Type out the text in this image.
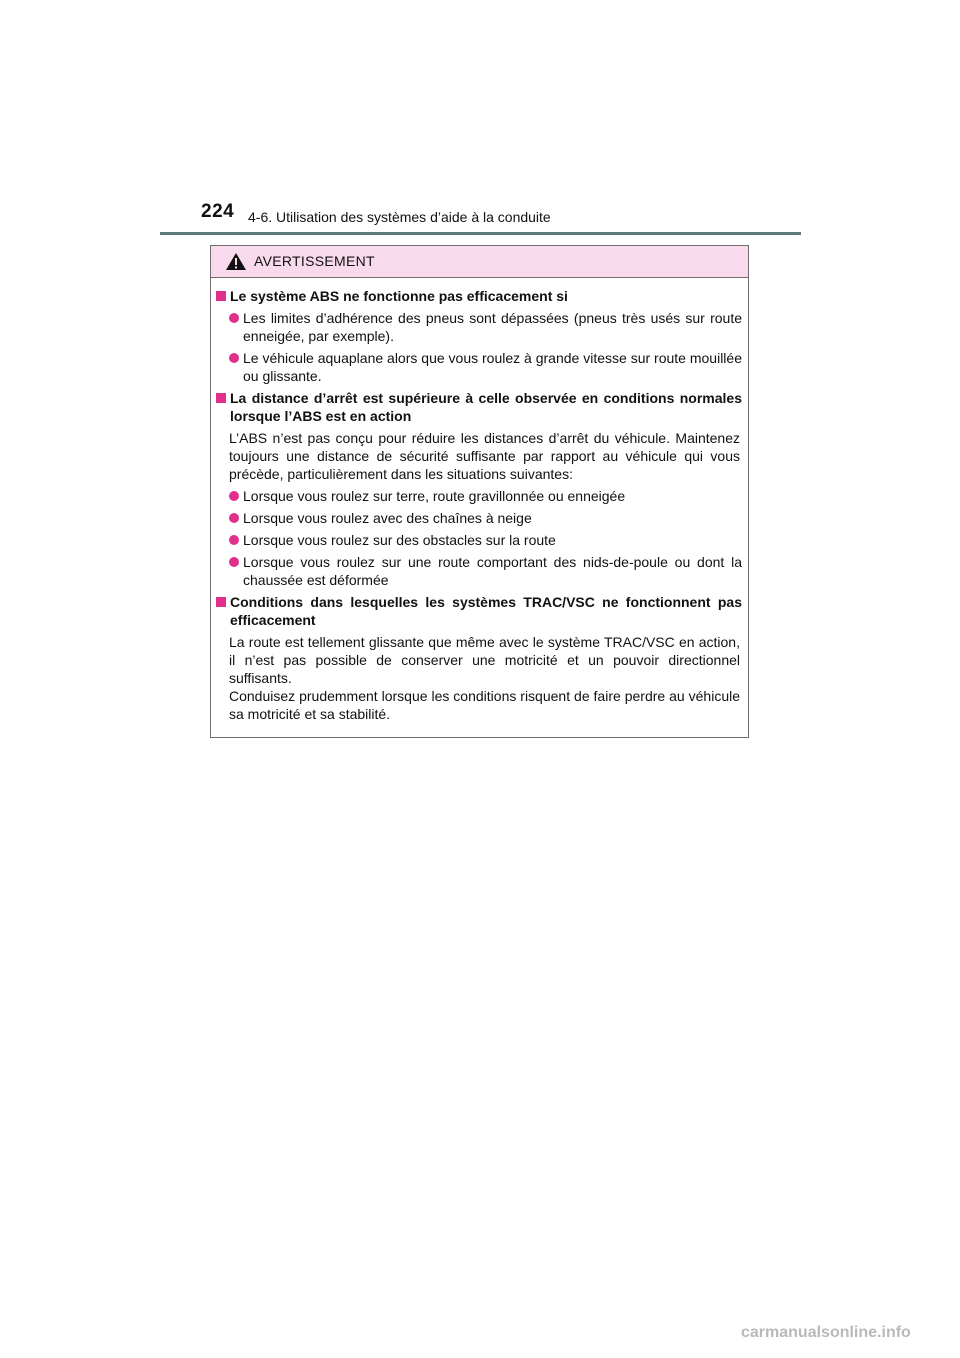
224 4-6. Utilisation des systèmes d’aide à la conduite
AVERTISSEMENT
Le système ABS ne fonctionne pas efficacement si
Les limites d’adhérence des pneus sont dépassées (pneus très usés sur route enneigée, par exemple).
Le véhicule aquaplane alors que vous roulez à grande vitesse sur route mouillée ou glissante.
La distance d’arrêt est supérieure à celle observée en conditions normales lorsque l’ABS est en action
L’ABS n’est pas conçu pour réduire les distances d’arrêt du véhicule. Maintenez toujours une distance de sécurité suffisante par rapport au véhicule qui vous précède, particulièrement dans les situations suivantes:
Lorsque vous roulez sur terre, route gravillonnée ou enneigée
Lorsque vous roulez avec des chaînes à neige
Lorsque vous roulez sur des obstacles sur la route
Lorsque vous roulez sur une route comportant des nids-de-poule ou dont la chaussée est déformée
Conditions dans lesquelles les systèmes TRAC/VSC ne fonctionnent pas efficacement
La route est tellement glissante que même avec le système TRAC/VSC en action, il n’est pas possible de conserver une motricité et un pouvoir directionnel suffisants.
Conduisez prudemment lorsque les conditions risquent de faire perdre au véhicule sa motricité et sa stabilité.
carmanualsonline.info
